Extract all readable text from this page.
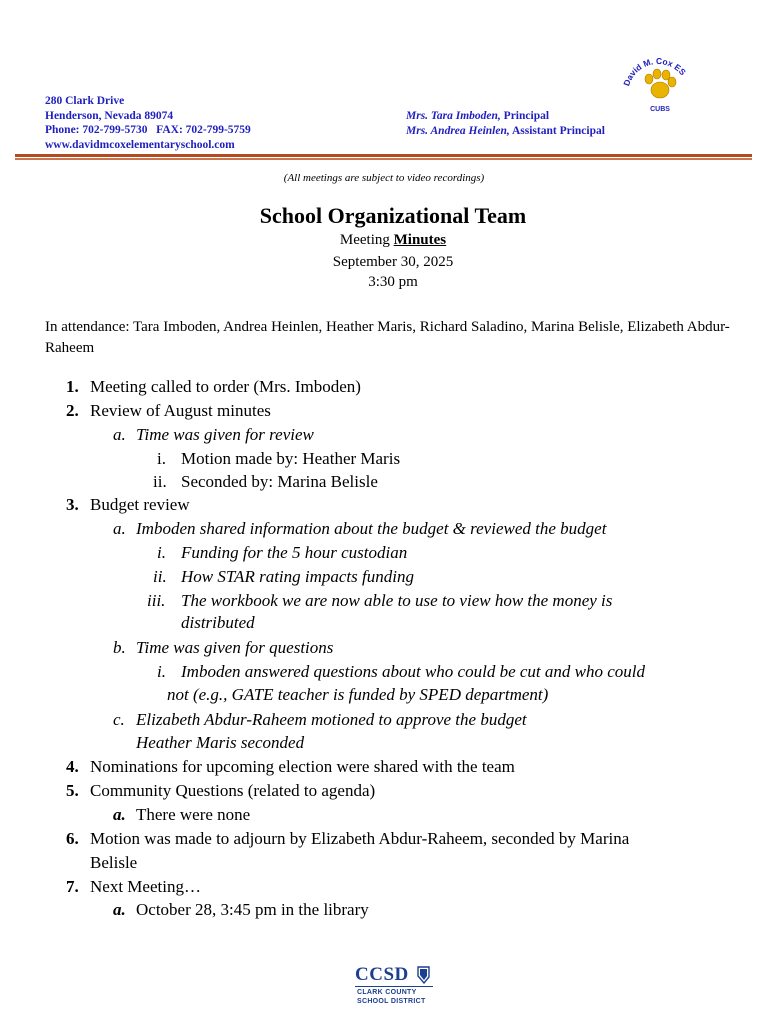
280 Clark Drive
Henderson, Nevada 89074
Phone: 702-799-5730   FAX: 702-799-5759
www.davidmcoxelementaryschool.com
Mrs. Tara Imboden, Principal
Mrs. Andrea Heinlen, Assistant Principal
David M. Cox ES
CUBS
(All meetings are subject to video recordings)
School Organizational Team
Meeting Minutes
September 30, 2025
3:30 pm
In attendance: Tara Imboden, Andrea Heinlen, Heather Maris, Richard Saladino, Marina Belisle, Elizabeth Abdur-Raheem
1. Meeting called to order (Mrs. Imboden)
2. Review of August minutes
a. Time was given for review
i. Motion made by: Heather Maris
ii. Seconded by: Marina Belisle
3. Budget review
a. Imboden shared information about the budget & reviewed the budget
i. Funding for the 5 hour custodian
ii. How STAR rating impacts funding
iii. The workbook we are now able to use to view how the money is
distributed
b. Time was given for questions
i. Imboden answered questions about who could be cut and who could
not (e.g., GATE teacher is funded by SPED department)
c. Elizabeth Abdur-Raheem motioned to approve the budget
Heather Maris seconded
4. Nominations for upcoming election were shared with the team
5. Community Questions (related to agenda)
a. There were none
6. Motion was made to adjourn by Elizabeth Abdur-Raheem, seconded by Marina
Belisle
7. Next Meeting…
a. October 28, 3:45 pm in the library
CCSD
CLARK COUNTY
SCHOOL DISTRICT
